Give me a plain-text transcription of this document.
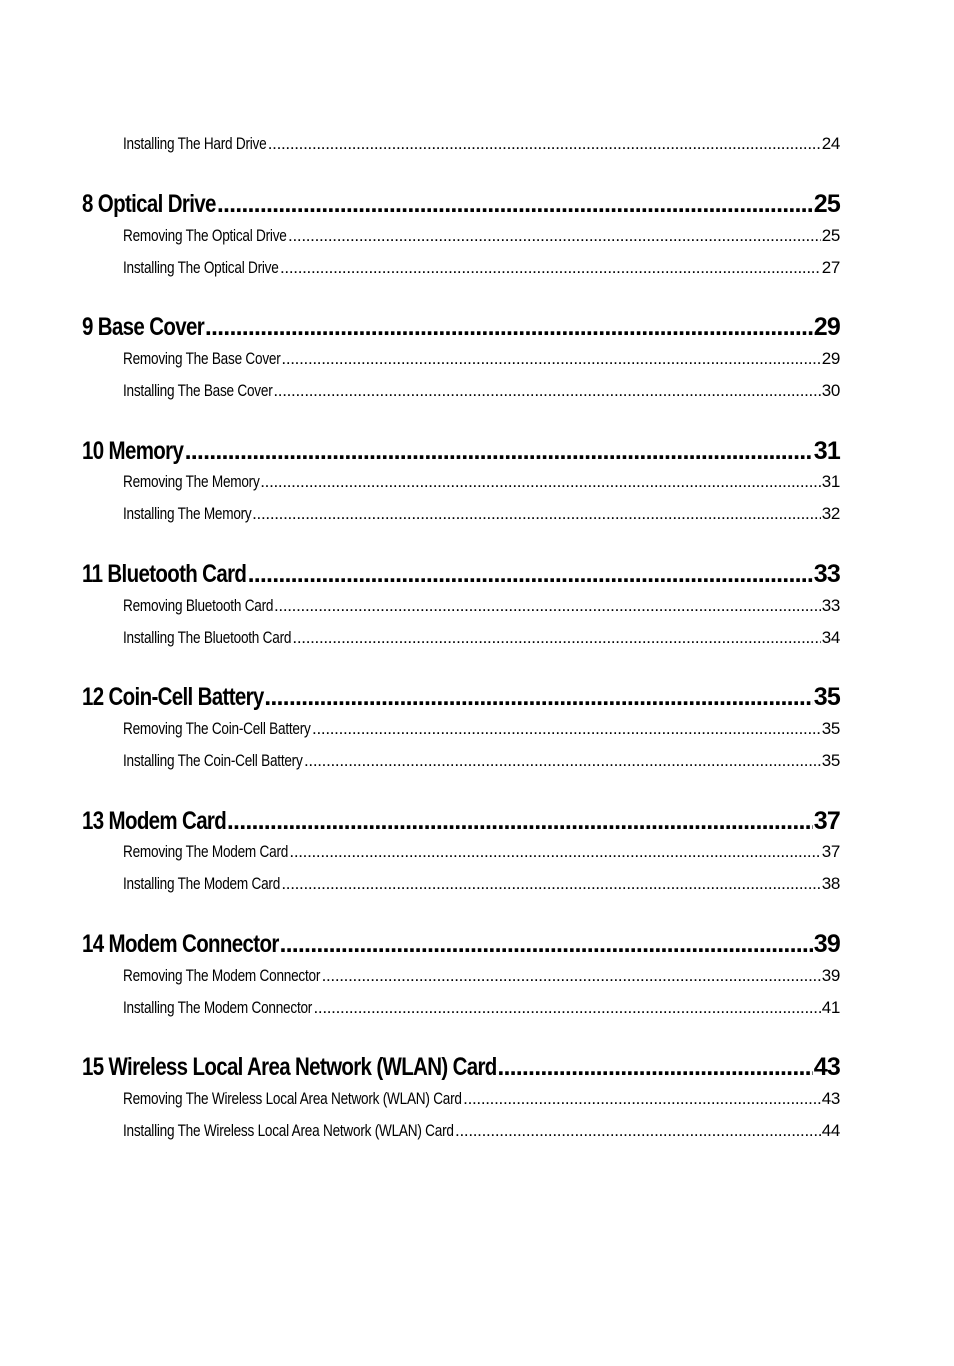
Installing The Hard Drive .....	24
8 Optical Drive .....	25
Removing The Optical Drive .....	25
Installing The Optical Drive .....	27
9 Base Cover .....	29
Removing The Base Cover .....	29
Installing The Base Cover .....	30
10 Memory .....	31
Removing The Memory .....	31
Installing The Memory .....	32
11 Bluetooth Card .....	33
Removing Bluetooth Card .....	33
Installing The Bluetooth Card .....	34
12 Coin-Cell Battery .....	35
Removing The Coin-Cell Battery .....	35
Installing The Coin-Cell Battery .....	35
13 Modem Card .....	37
Removing The Modem Card .....	37
Installing The Modem Card .....	38
14 Modem Connector .....	39
Removing The Modem Connector .....	39
Installing The Modem Connector .....	41
15 Wireless Local Area Network (WLAN) Card .....	43
Removing The Wireless Local Area Network (WLAN) Card .....	43
Installing The Wireless Local Area Network (WLAN) Card .....	44
